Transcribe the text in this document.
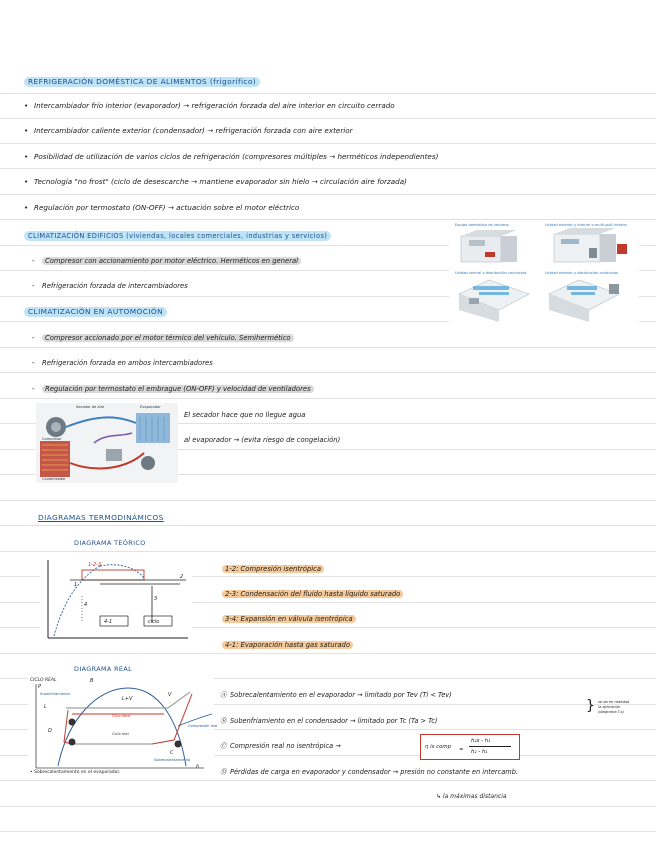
REFRIGERACIÓN DOMÉSTICA DE ALIMENTOS (frigorífico)
• Intercambiador frío interior (evaporador) → refrigeración forzada del aire interior en circuito cerrado
• Intercambiador caliente exterior (condensador) → refrigeración forzada con aire exterior
• Posibilidad de utilización de varios ciclos de refrigeración (compresores múltiples → herméticos independientes)
• Tecnología "no frost" (ciclo de desescarche → mantiene evaporador sin hielo → circulación aire forzada)
• Regulación por termostato (ON-OFF) → actuación sobre el motor eléctrico
CLIMATIZACIÓN EDIFICIOS (viviendas, locales comerciales, industrias y servicios)
- Compresor con accionamiento por motor eléctrico. Herméticos en general
- Refrigeración forzada de intercambiadores
Equipo doméstico de ventana	Unidad exterior y interior o multi-split interior
Unidad central y distribución conductos	Unidad exterior y distribución conductos
CLIMATIZACIÓN EN AUTOMOCIÓN
- Compresor accionado por el motor térmico del vehículo. Semihermético
- Refrigeración forzada en ambos intercambiadores
- Regulación por termostato el embrague (ON-OFF) y velocidad de ventiladores
Secador de aire	Evaporador
Compresor
Condensador
El secador hace que no llegue agua
al evaporador → (evita riesgo de congelación)
DIAGRAMAS TERMODINÁMICOS
DIAGRAMA TEÓRICO
1-2-3
4-1	ciclo
1
2
3
4
1-2: Compresión isentrópica
2-3: Condensación del fluido hasta líquido saturado
3-4: Expansión en válvula isentrópica
4-1: Evaporación hasta gas saturado
DIAGRAMA REAL
Subenfriamiento
Ciclo real
Ciclo ideal
Compresión real
Sobrecalentamiento
CICLO REAL
P
h
L+V
V
L
B
D
C
• Sobrecalentamiento en el evaporador.
Ⓐ Sobrecalentamiento en el evaporador → limitado por Tev (Ti < Tev)
Ⓑ Subenfriamiento en el condensador → limitado por Tc (Ta > Tc)
} se da en realidad
la aplicación
(diagrama T-s)
Ⓒ Compresión real no isentrópica →	η is comp =
h₂s - h₁
h₂ - h₁
Ⓓ Pérdidas de carga en evaporador y condensador → presión no constante en intercamb.
↳ la máximas distancia
